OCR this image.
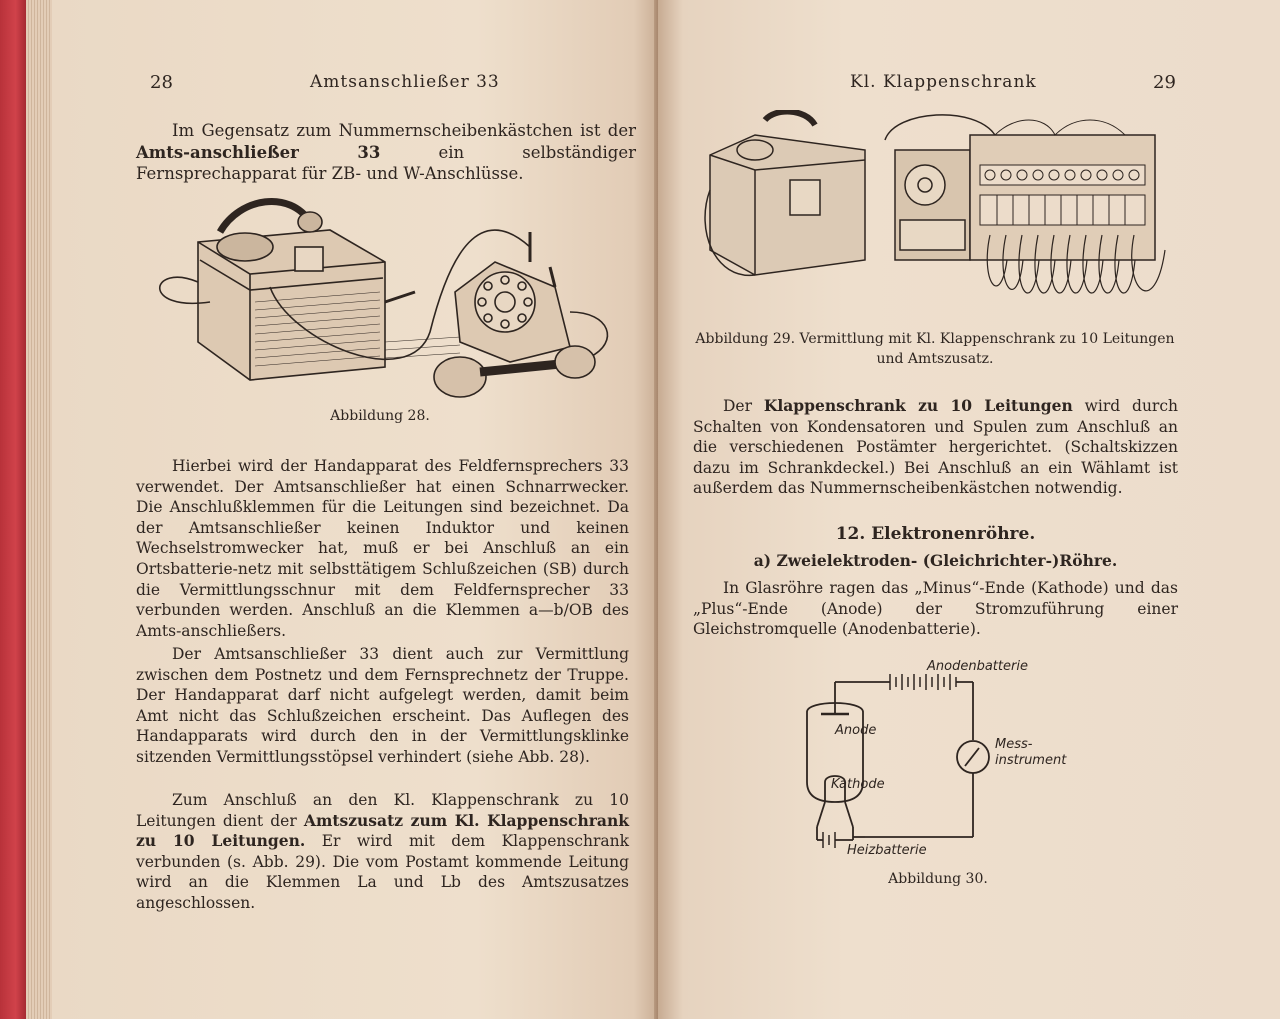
28	Amtsanschließer 33

Im Gegensatz zum Nummernscheibenkästchen ist der Amts-anschließer 33 ein selbständiger Fernsprechapparat für ZB- und W-Anschlüsse.

Abbildung 28.

Hierbei wird der Handapparat des Feldfernsprechers 33 verwendet. Der Amtsanschließer hat einen Schnarrwecker. Die Anschlußklemmen für die Leitungen sind bezeichnet. Da der Amtsanschließer keinen Induktor und keinen Wechselstromwecker hat, muß er bei Anschluß an ein Ortsbatterie-netz mit selbsttätigem Schlußzeichen (SB) durch die Vermittlungsschnur mit dem Feldfernsprecher 33 verbunden werden. Anschluß an die Klemmen a—b/OB des Amts-anschließers.

Der Amtsanschließer 33 dient auch zur Vermittlung zwischen dem Postnetz und dem Fernsprechnetz der Truppe. Der Handapparat darf nicht aufgelegt werden, damit beim Amt nicht das Schlußzeichen erscheint. Das Auflegen des Handapparats wird durch den in der Vermittlungsklinke sitzenden Vermittlungsstöpsel verhindert (siehe Abb. 28).

Zum Anschluß an den Kl. Klappenschrank zu 10 Leitungen dient der Amtszusatz zum Kl. Klappenschrank zu 10 Leitungen. Er wird mit dem Klappenschrank verbunden (s. Abb. 29). Die vom Postamt kommende Leitung wird an die Klemmen La und Lb des Amtszusatzes angeschlossen.

Kl. Klappenschrank	29
Abbildung 29. Vermittlung mit Kl. Klappenschrank zu 10 Leitungen und Amtszusatz.

Der Klappenschrank zu 10 Leitungen wird durch Schalten von Kondensatoren und Spulen zum Anschluß an die verschiedenen Postämter hergerichtet. (Schaltskizzen dazu im Schrankdeckel.) Bei Anschluß an ein Wählamt ist außerdem das Nummernscheibenkästchen notwendig.

12. Elektronenröhre.
a) Zweielektroden- (Gleichrichter-)Röhre.

In Glasröhre ragen das „Minus“-Ende (Kathode) und das „Plus“-Ende (Anode) der Stromzuführung einer Gleichstromquelle (Anodenbatterie).

Anodenbatterie
Anode
Kathode
Mess-
instrument
Heizbatterie
Abbildung 30.
